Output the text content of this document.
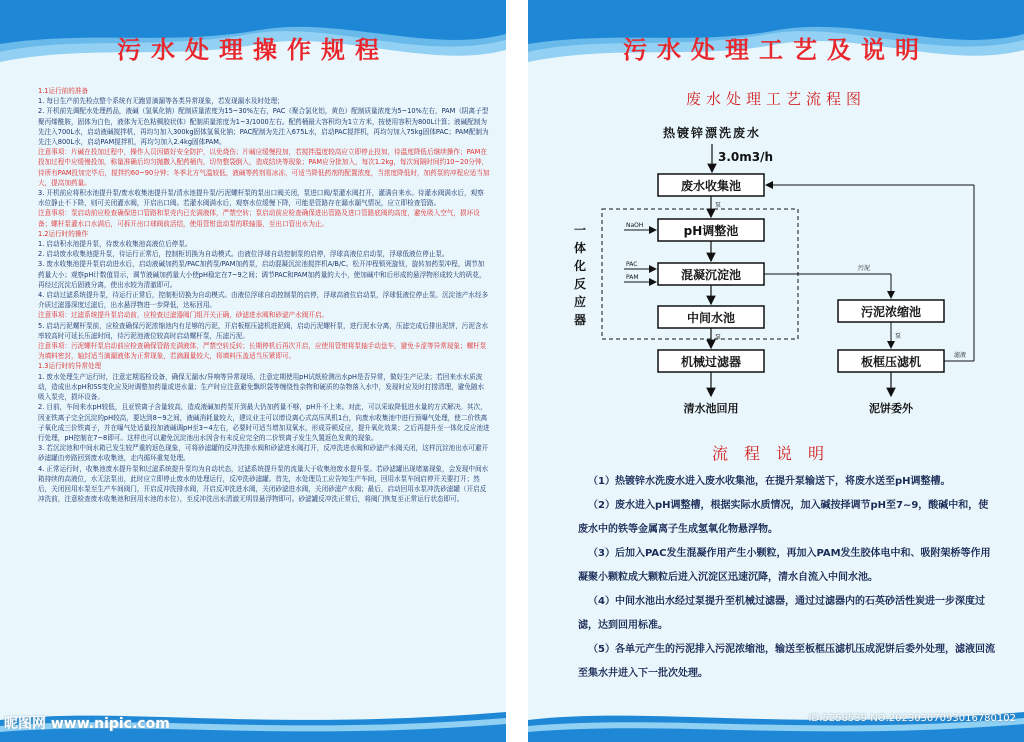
污水处理操作规程

1.1运行前的准备

1. 每日生产前先检点整个系统有无跑冒滴漏等各类异常现象，若发现漏水及时处理；

2. 开机前先调配水处理药品，液碱（氢氧化钠）配制质量浓度为15~30%左右，PAC（聚合氯化铝，黄色）配制质量浓度为5~10%左右，PAM（阴离子型聚丙烯酰胺，固体为白色，液体为无色粘稠胶状体）配制质量浓度为1~3/1000左右。配药桶最大容积均为1立方米，按使用容积为800L计算；液碱配制为先注入700L水，启动液碱搅拌机，再均匀加入300kg固体氢氧化钠；PAC配制为先注入675L水，启动PAC搅拌机，再均匀加入75kg固体PAC；PAM配制为先注入800L水，启动PAM搅拌机，再均匀加入2.4kg固体PAM。

注意事项：片碱在投加过程中，操作人员因做好安全防护，以免烧伤；片碱应缓慢投加，若搅拌温度较高应立即停止投加，待温度降低后继续操作；PAM在投加过程中应缓慢投加，称量准确后均匀抛撒入配药桶内，切勿整袋倒入，造成结块等现象；PAM应分批加入，每次1.2kg，每次间隔时间约10~20分钟，待所有PAM投加完毕后，搅拌约60~90分钟；冬季北方气温较低，液碱等药剂易冰冻，可适当降低药剂的配置浓度，当浓度降低时，加药泵的冲程应适当加大，提高加药量。

3. 开机前应将积水池提升泵/废水收集池提升泵/清水池提升泵/污泥螺杆泵的泵出口阀关闭，泵进口阀/泵灌水阀打开，灌满自来水。待灌水阀满水后，观察水位静止不下降，则可关闭灌水阀，开启出口阀。若灌水阀满水后，观察水位缓慢下降，可能是管路存在漏水漏气情况，应立即检查管路。

注意事项：泵启动前应检查确保进口管路和泵壳内已充满液体，严禁空转；泵启动前应检查确保进出管路及进口管路底阀的高度，避免吸入空气，损坏设备；螺杆泵灌水口水满后，可拆开出口球阀前活结，使用管钳盘动泵的联轴器，至出口管出水为止。

1.2运行时的操作

1. 启动积水池提升泵，待废水收集池高液位后停泵。

2. 启动废水收集池提升泵，待运行正常后，控制柜切换为自动模式。由液位浮球自动控制泵的启停，浮球高液位启动泵，浮球低液位停止泵。

3. 废水收集池提升泵启动进水后，启动液碱加药泵/PAC加药泵/PAM加药泵，启动混凝沉淀池搅拌机A/B/C。松开冲程锁死旋钮，旋转加药泵冲程，调节加药量大小；观察pH计数值显示，调节液碱加药量大小使pH稳定在7~9之间；调节PAC和PAM加药量的大小，使加碱中和后形成的悬浮物形成较大的矾花，再经过沉淀后固液分离，使出水较为清澈即可。

4. 启动过滤系统提升泵，待运行正常后，控制柜切换为自动模式。由液位浮球自动控制泵的启停，浮球高液位启动泵，浮球低液位停止泵。沉淀池产水经多介质过滤器深度过滤后，出水悬浮物进一步降低，达标回用。

注意事项：过滤系统提升泵启动前，应检查过滤器阀门组开关正确，砂滤进水阀和砂滤产水阀开启。

5. 启动污泥螺杆泵前，应检查确保污泥浓缩池内有足够的污泥，开启板框压滤机进泥阀，启动污泥螺杆泵，进行泥水分离，压滤完成后排出泥饼，污泥含水率较高时可延长压滤时间，待污泥池液位较高时启动螺杆泵，压滤污泥。

注意事项：污泥螺杆泵启动前应检查确保管路充满液体，严禁空转反转；长期停机后再次开启，应使用管钳将泵轴手动盘车，避免卡涩等异常现象；螺杆泵为填料密封，轴封适当滴漏液体为正常现象，若滴漏量较大，将填料压盖适当压紧即可。

1.3运行时的异常处理

1. 废水处理生产运行时，注意定期巡检设备，确保无漏水/异响等异常现场，注意定期使用pH试纸检测出水pH是否异常，做好生产记录；若回来水水质波动，造成出水pH和SS变化应及时调整加药量或进水量；生产时应注意避免飘织袋等缠绕性杂物和硬质的杂物落入水中，发现时应及时打捞清理，避免随水吸入泵壳，损坏设备。

2. 目前，车间来水pH较低，且亚铁离子含量较高，造成液碱加药泵开到最大仍加药量不够，pH升不上来。对此，可以采取降低进水量的方式解决。其次，因亚铁离子完全沉淀的pH较高，要达到8~9之间，液碱消耗量较大，建议业主可以增设离心式高压风机1台，向废水收集池中进行预曝气处理，使二价铁离子氧化成三价铁离子，并在曝气处适量投加液碱调pH至3~4左右，必要时可适当增加双氧水，形成芬顿反应，提升氧化效果；之后再提升至一体化反应池进行处理，pH控制在7~8即可。这样也可以避免沉淀池出水因含有未反应完全的二价铁离子发生久置返色发黄的现象。

3. 若沉淀池和中间水箱已发生较严重的返色现象，可将砂滤罐的反冲洗排水阀和砂滤进水阀打开，反冲洗进水阀和砂滤产水阀关闭，这样沉淀池出水可避开砂滤罐由旁路回到废水收集池，走内循环重复处理。

4. 正常运行时，收集池废水提升泵和过滤系统提升泵均为自动状态，过滤系统提升泵的流量大于收集池废水提升泵。若砂滤罐出现堵塞现象，会发现中间水箱持续的高液位，水无法泵出，此时应立即停止废水的处理运行，反冲洗砂滤罐。首先，水处理员工应告知生产车间，回用水泵车间启停开关要打开；然后，关闭回用水泵至生产车间阀门，开启反冲洗排水阀，开启反冲洗进水阀，关闭砂滤进水阀，关闭砂滤产水阀；最后，启动回用水泵冲洗砂滤罐（开启反冲洗前，注意检查废水收集池和回用水池的水位），至反冲洗出水清澈无明显悬浮物即可。砂滤罐反冲洗正常后，将阀门恢复至正常运行状态即可。

昵图网 www.nipic.com
污水处理工艺及说明
废水处理工艺流程图
热镀锌漂洗废水
3.0m3/h
废水收集池
pH调整池
混凝沉淀池
中间水池
机械过滤器
污泥浓缩池
板框压滤机
一体化反应器
泵
泵
清水池回用
NaOH
PAC
PAM
污泥
泵
泥饼委外
滤液
流程说明

（1）热镀锌水洗废水进入废水收集池，在提升泵输送下，将废水送至pH调整槽。

（2）废水进入pH调整槽，根据实际水质情况，加入碱按择调节pH至7~9，酸碱中和，使废水中的铁等金属离子生成氢氧化物悬浮物。

（3）后加入PAC发生混凝作用产生小颗粒，再加入PAM发生胶体电中和、吸附架桥等作用凝聚小颗粒成大颗粒后进入沉淀区迅速沉降，清水自流入中间水池。

（4）中间水池出水经过泵提升至机械过滤器，通过过滤器内的石英砂活性炭进一步深度过滤，达到回用标准。

（5）各单元产生的污泥排入污泥浓缩池，输送至板框压滤机压成泥饼后委外处理，滤液回流至集水井进入下一批次处理。

ID:5258539 NO:20230307093016780102
